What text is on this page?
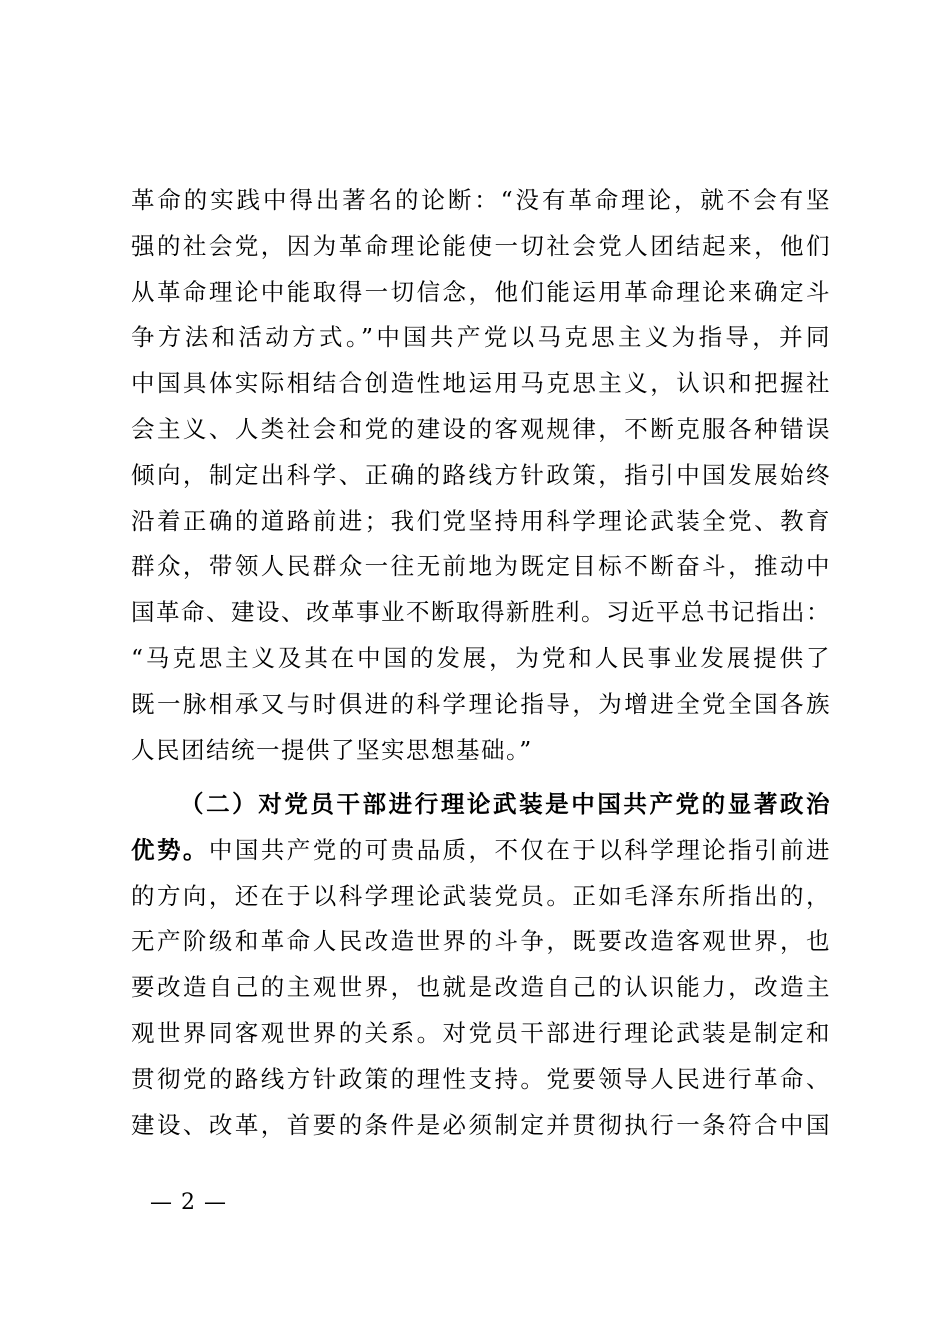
革命的实践中得出著名的论断：“没有革命理论，就不会有坚
强的社会党，因为革命理论能使一切社会党人团结起来，他们
从革命理论中能取得一切信念，他们能运用革命理论来确定斗
争方法和活动方式。”中国共产党以马克思主义为指导，并同
中国具体实际相结合创造性地运用马克思主义，认识和把握社
会主义、人类社会和党的建设的客观规律，不断克服各种错误
倾向，制定出科学、正确的路线方针政策，指引中国发展始终
沿着正确的道路前进；我们党坚持用科学理论武装全党、教育
群众，带领人民群众一往无前地为既定目标不断奋斗，推动中
国革命、建设、改革事业不断取得新胜利。习近平总书记指出：
“马克思主义及其在中国的发展，为党和人民事业发展提供了
既一脉相承又与时俱进的科学理论指导，为增进全党全国各族
人民团结统一提供了坚实思想基础。”
（二）对党员干部进行理论武装是中国共产党的显著政治
优势。中国共产党的可贵品质，不仅在于以科学理论指引前进
的方向，还在于以科学理论武装党员。正如毛泽东所指出的，
无产阶级和革命人民改造世界的斗争，既要改造客观世界，也
要改造自己的主观世界，也就是改造自己的认识能力，改造主
观世界同客观世界的关系。对党员干部进行理论武装是制定和
贯彻党的路线方针政策的理性支持。党要领导人民进行革命、
建设、改革，首要的条件是必须制定并贯彻执行一条符合中国
— 2 —
